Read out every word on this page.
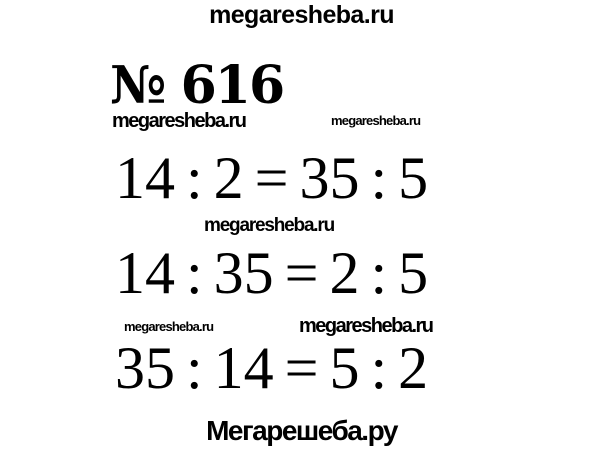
megaresheba.ru
№ 616
megaresheba.ru	megaresheba.ru
14 : 2 = 35 : 5
megaresheba.ru
14 : 35 = 2 : 5
megaresheba.ru	megaresheba.ru
35 : 14 = 5 : 2
Мегарешеба.ру
